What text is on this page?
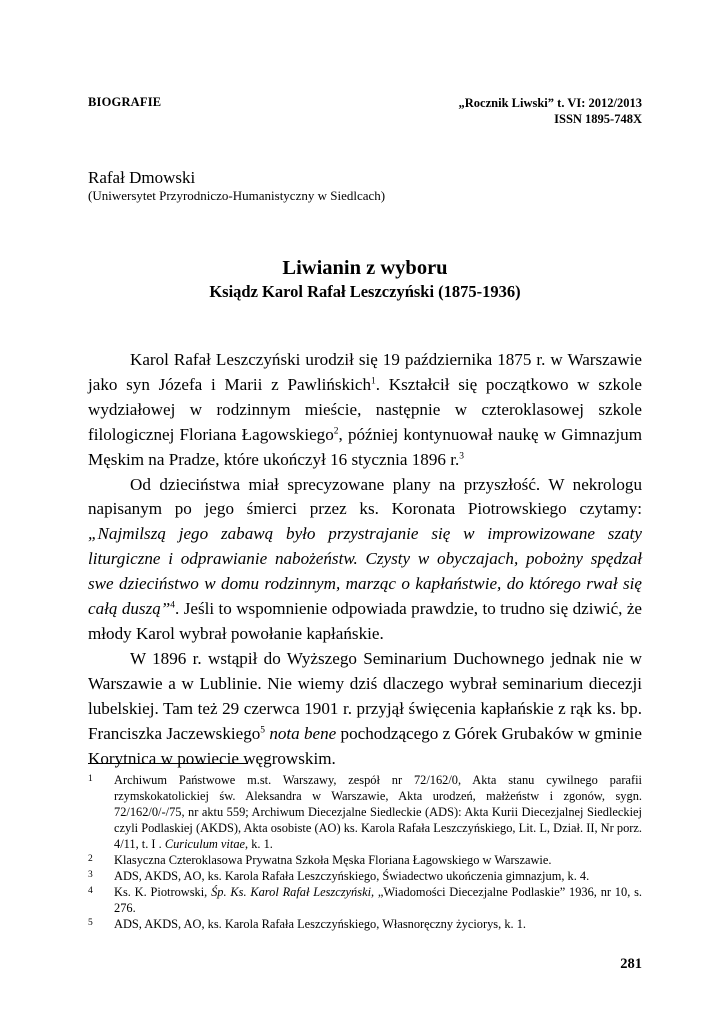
BIOGRAFIE	„Rocznik Liwski” t. VI: 2012/2013
ISSN 1895-748X
Rafał Dmowski
(Uniwersytet Przyrodniczo-Humanistyczny w Siedlcach)
Liwianin z wyboru
Ksiądz Karol Rafał Leszczyński (1875-1936)

Karol Rafał Leszczyński urodził się 19 października 1875 r. w Warszawie jako syn Józefa i Marii z Pawlińskich$^1$. Kształcił się początkowo w szkole wydziałowej w rodzinnym mieście, następnie w czteroklasowej szkole filologicznej Floriana Łagowskiego$^2$, później kontynuował naukę w Gimnazjum Męskim na Pradze, które ukończył 16 stycznia 1896 r.$^3$

Od dzieciństwa miał sprecyzowane plany na przyszłość. W nekrologu napisanym po jego śmierci przez ks. Koronata Piotrowskiego czytamy: „Najmilszą jego zabawą było przystrajanie się w improwizowane szaty liturgiczne i odprawianie nabożeństw. Czysty w obyczajach, pobożny spędzał swe dzieciństwo w domu rodzinnym, marząc o kapłaństwie, do którego rwał się całą duszą”$^4$. Jeśli to wspomnienie odpowiada prawdzie, to trudno się dziwić, że młody Karol wybrał powołanie kapłańskie.

W 1896 r. wstąpił do Wyższego Seminarium Duchownego jednak nie w Warszawie a w Lublinie. Nie wiemy dziś dlaczego wybrał seminarium diecezji lubelskiej. Tam też 29 czerwca 1901 r. przyjął święcenia kapłańskie z rąk ks. bp. Franciszka Jaczewskiego$^5$ nota bene pochodzącego z Górek Grubaków w gminie Korytnica w powiecie węgrowskim.

1	Archiwum Państwowe m.st. Warszawy, zespół nr 72/162/0, Akta stanu cywilnego parafii rzymskokatolickiej św. Aleksandra w Warszawie, Akta urodzeń, małżeństw i zgonów, sygn. 72/162/0/-/75, nr aktu 559; Archiwum Diecezjalne Siedleckie (ADS): Akta Kurii Diecezjalnej Siedleckiej czyli Podlaskiej (AKDS), Akta osobiste (AO) ks. Karola Rafała Leszczyńskiego, Lit. L, Dział. II, Nr porz. 4/11, t. I . Curiculum vitae, k. 1.
2	Klasyczna Czteroklasowa Prywatna Szkoła Męska Floriana Łagowskiego w Warszawie.
3	ADS, AKDS, AO, ks. Karola Rafała Leszczyńskiego, Świadectwo ukończenia gimnazjum, k. 4.
4	Ks. K. Piotrowski, Śp. Ks. Karol Rafał Leszczyński, „Wiadomości Diecezjalne Podlaskie” 1936, nr 10, s. 276.
5	ADS, AKDS, AO, ks. Karola Rafała Leszczyńskiego, Własnoręczny życiorys, k. 1.
281
